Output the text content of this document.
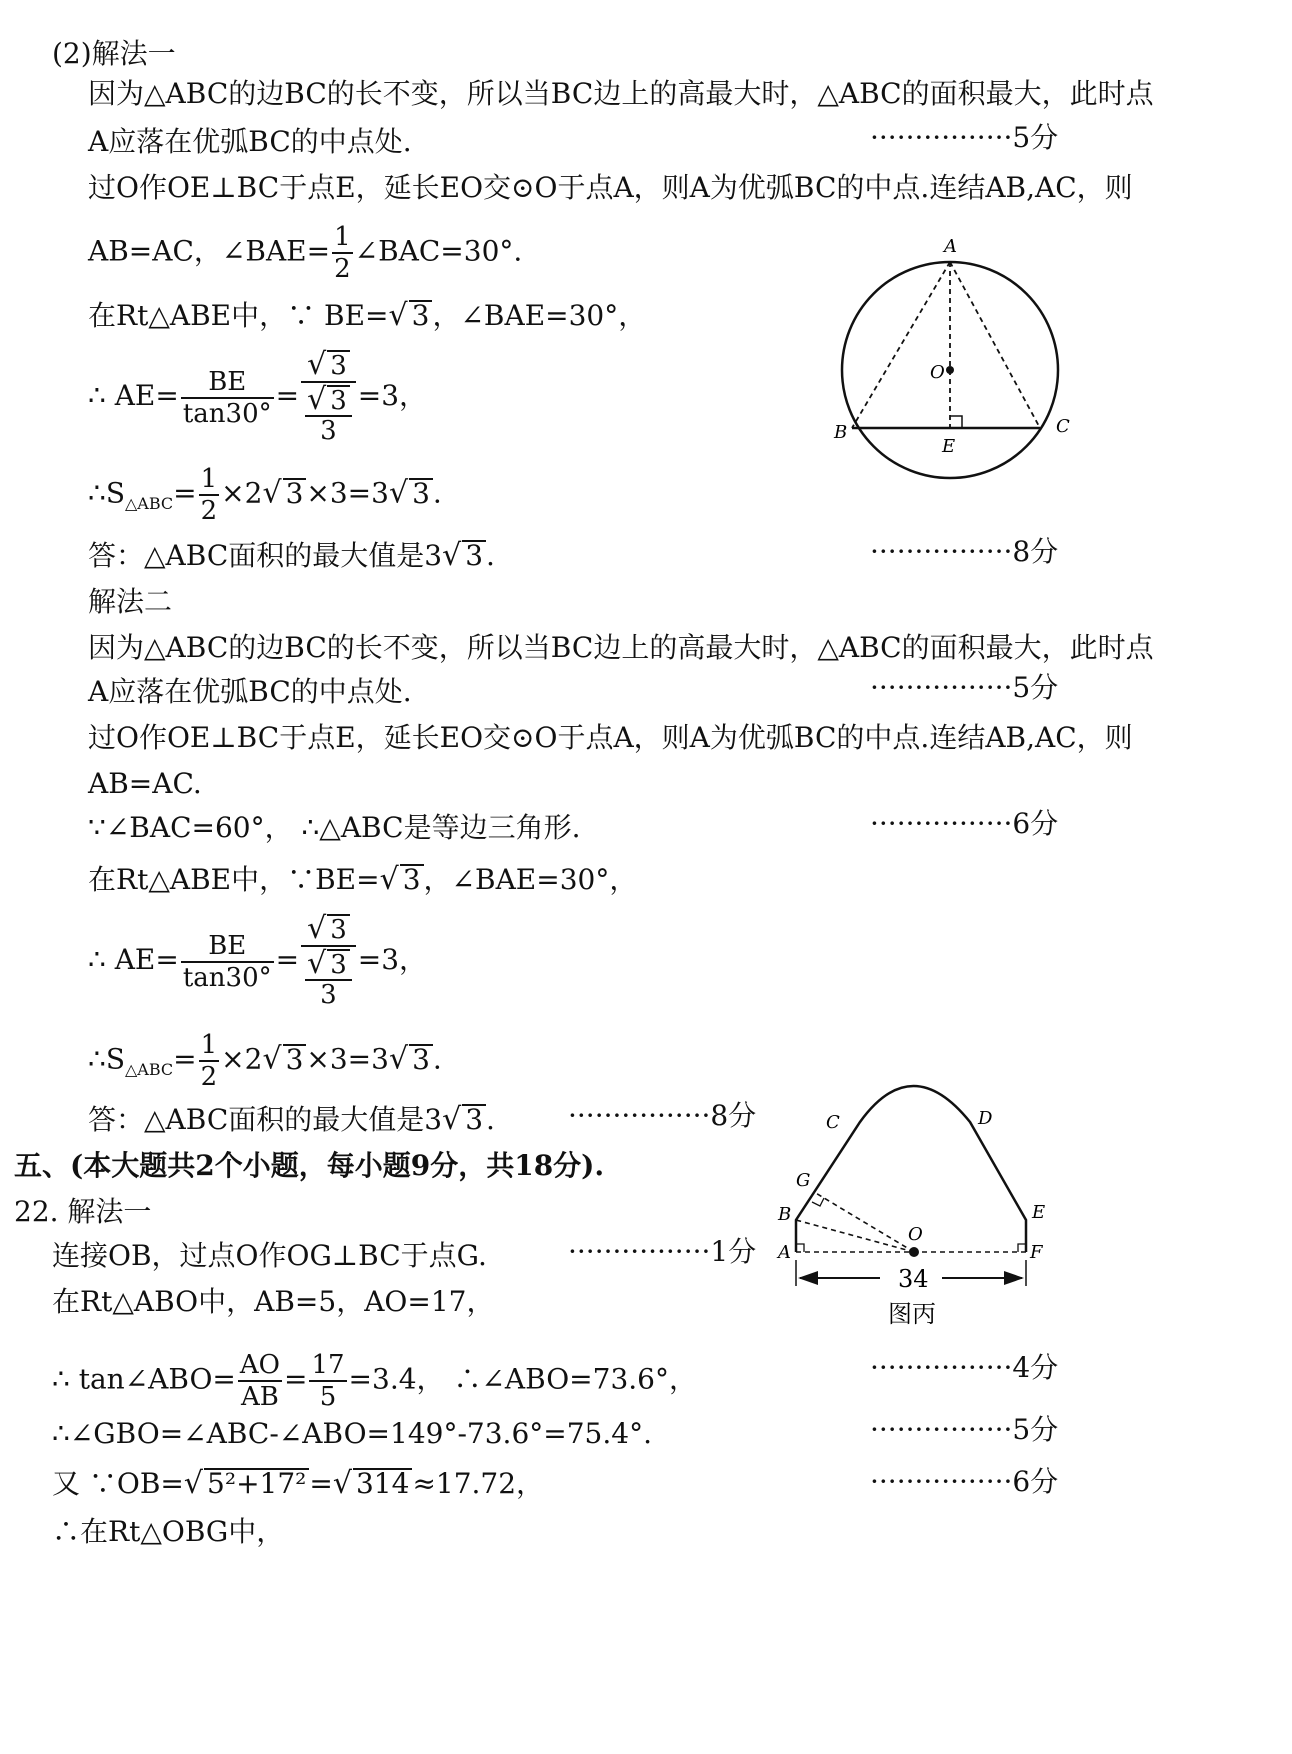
(2)解法一
因为△ABC的边BC的长不变，所以当BC边上的高最大时，△ABC的面积最大，此时点
A应落在优弧BC的中点处.	················5分
过O作OE⊥BC于点E，延长EO交⊙O于点A，则A为优弧BC的中点.连结AB,AC，则
AB=AC，∠BAE= $\frac{1}{2}$ ∠BAC=30°.
在Rt△ABE中，∵ BE=√ 3 ，∠BAE=30°，
∴ $AE= \frac{BE}{\tan 30^\circ} = \frac{√ 3}{\frac{√ 3}{3}} =3$，
$\therefore S_{\triangle ABC}= \frac{1}{2} \times 2√$ 3 ×3=3√ 3 .
答：△ABC面积的最大值是3√ 3 .	················8分
解法二
因为△ABC的边BC的长不变，所以当BC边上的高最大时，△ABC的面积最大，此时点
A应落在优弧BC的中点处.	················5分
过O作OE⊥BC于点E，延长EO交⊙O于点A，则A为优弧BC的中点.连结AB,AC，则
AB=AC.
∵∠BAC=60°， ∴△ABC是等边三角形.	················6分
在Rt△ABE中，∵BE=√ 3 ，∠BAE=30°，
∴ $AE= \frac{BE}{\tan 30^\circ} = \frac{√ 3}{\frac{√ 3}{3}} =3$，
$\therefore S_{\triangle ABC}= \frac{1}{2} \times 2√$ 3 ×3=3√ 3 .
答：△ABC面积的最大值是3√ 3 .	················8分
五、(本大题共2个小题，每小题9分，共18分).
22. 解法一
连接OB，过点O作OG⊥BC于点G.	················1分
在Rt△ABO中，AB=5，AO=17，
∴ tan∠ABO= $\frac{AO}{AB} = \frac{17}{5} =3.4$， ∴∠ABO=73.6°，	················4分
∴∠GBO=∠ABC-∠ABO=149°-73.6°=75.4°.	················5分
又 ∵OB=√ 5²+17² =√ 314 ≈17.72，	················6分
∴在Rt△OBG中，
A
O
B	C
E
34
图丙
C	D
G
B	E
O
A	F
